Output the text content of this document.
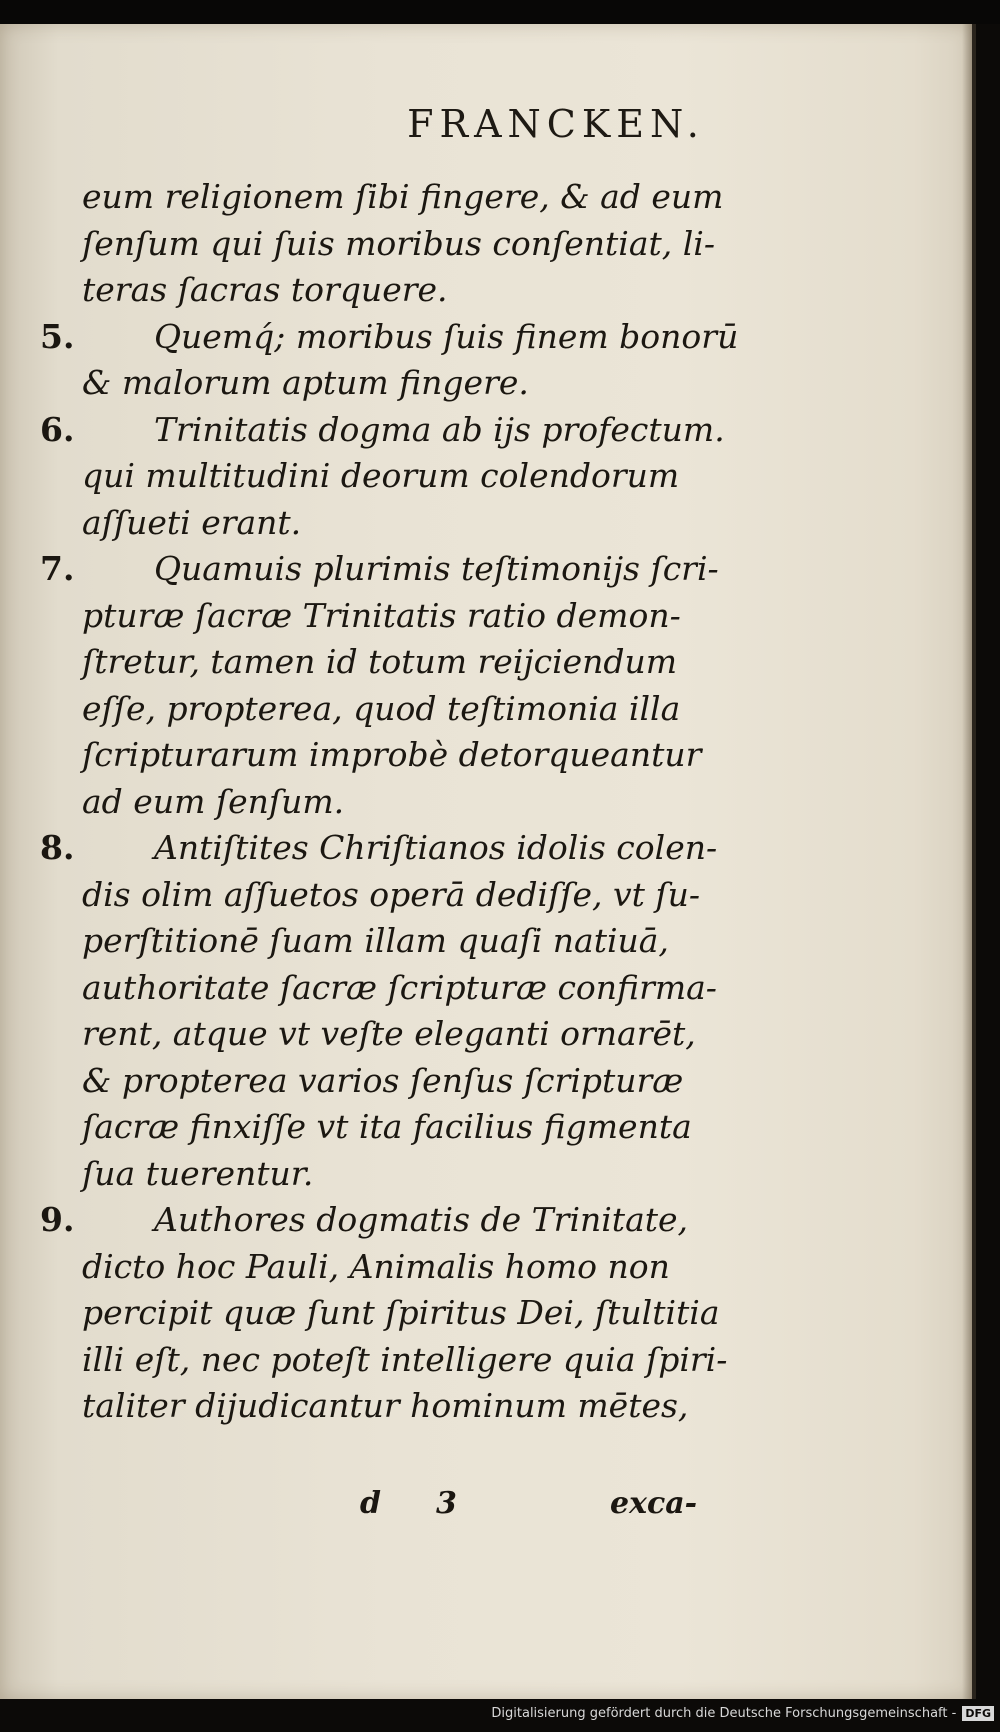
FRANCKEN.
eum religionem ſibi fingere, & ad eum
ſenſum qui ſuis moribus conſentiat, li-
teras ſacras torquere.
5. Quemq́; moribus ſuis finem bonorū
& malorum aptum fingere.
6. Trinitatis dogma ab ijs profectum.
qui multitudini deorum colendorum
aſſueti erant.
7. Quamuis plurimis teſtimonijs ſcri-
pturæ ſacræ Trinitatis ratio demon-
ſtretur, tamen id totum reijciendum
eſſe, propterea, quod teſtimonia illa
ſcripturarum improbè detorqueantur
ad eum ſenſum.
8. Antiſtites Chriſtianos idolis colen-
dis olim aſſuetos operā dediſſe, vt ſu-
perſtitionē ſuam illam quaſi natiuā,
authoritate ſacræ ſcripturæ confirma-
rent, atque vt veſte eleganti ornarēt,
& propterea varios ſenſus ſcripturæ
ſacræ finxiſſe vt ita facilius figmenta
ſua tuerentur.
9. Authores dogmatis de Trinitate,
dicto hoc Pauli, Animalis homo non
percipit quæ ſunt ſpiritus Dei, ſtultitia
illi eſt, nec poteſt intelligere quia ſpiri-
taliter dijudicantur hominum mētes,
d 3	exca-
Digitalisierung gefördert durch die Deutsche Forschungsgemeinschaft - DFG
